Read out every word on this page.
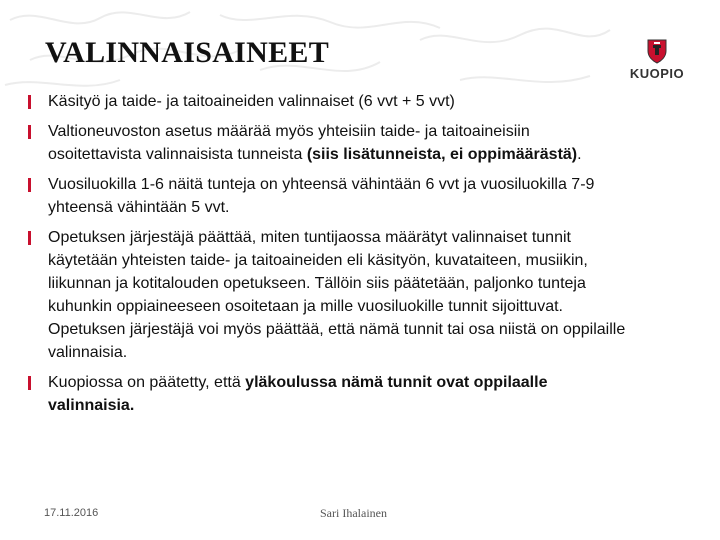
VALINNAISAINEET
KUOPIO
Käsityö ja taide- ja taitoaineiden valinnaiset (6 vvt + 5 vvt)
Valtioneuvoston asetus määrää myös yhteisiin taide- ja taitoaineisiin osoitettavista valinnaisista tunneista (siis lisätunneista, ei oppimäärästä).
Vuosiluokilla 1-6 näitä tunteja on yhteensä vähintään 6 vvt ja vuosiluokilla 7-9 yhteensä vähintään 5 vvt.
Opetuksen järjestäjä päättää, miten tuntijaossa määrätyt valinnaiset tunnit käytetään yhteisten taide- ja taitoaineiden eli käsityön, kuvataiteen, musiikin, liikunnan ja kotitalouden opetukseen. Tällöin siis päätetään, paljonko tunteja kuhunkin oppiaineeseen osoitetaan ja mille vuosiluokille tunnit sijoittuvat. Opetuksen järjestäjä voi myös päättää, että nämä tunnit tai osa niistä on oppilaille valinnaisia.
Kuopiossa on päätetty, että yläkoulussa nämä tunnit ovat oppilaalle valinnaisia.
17.11.2016	Sari Ihalainen
